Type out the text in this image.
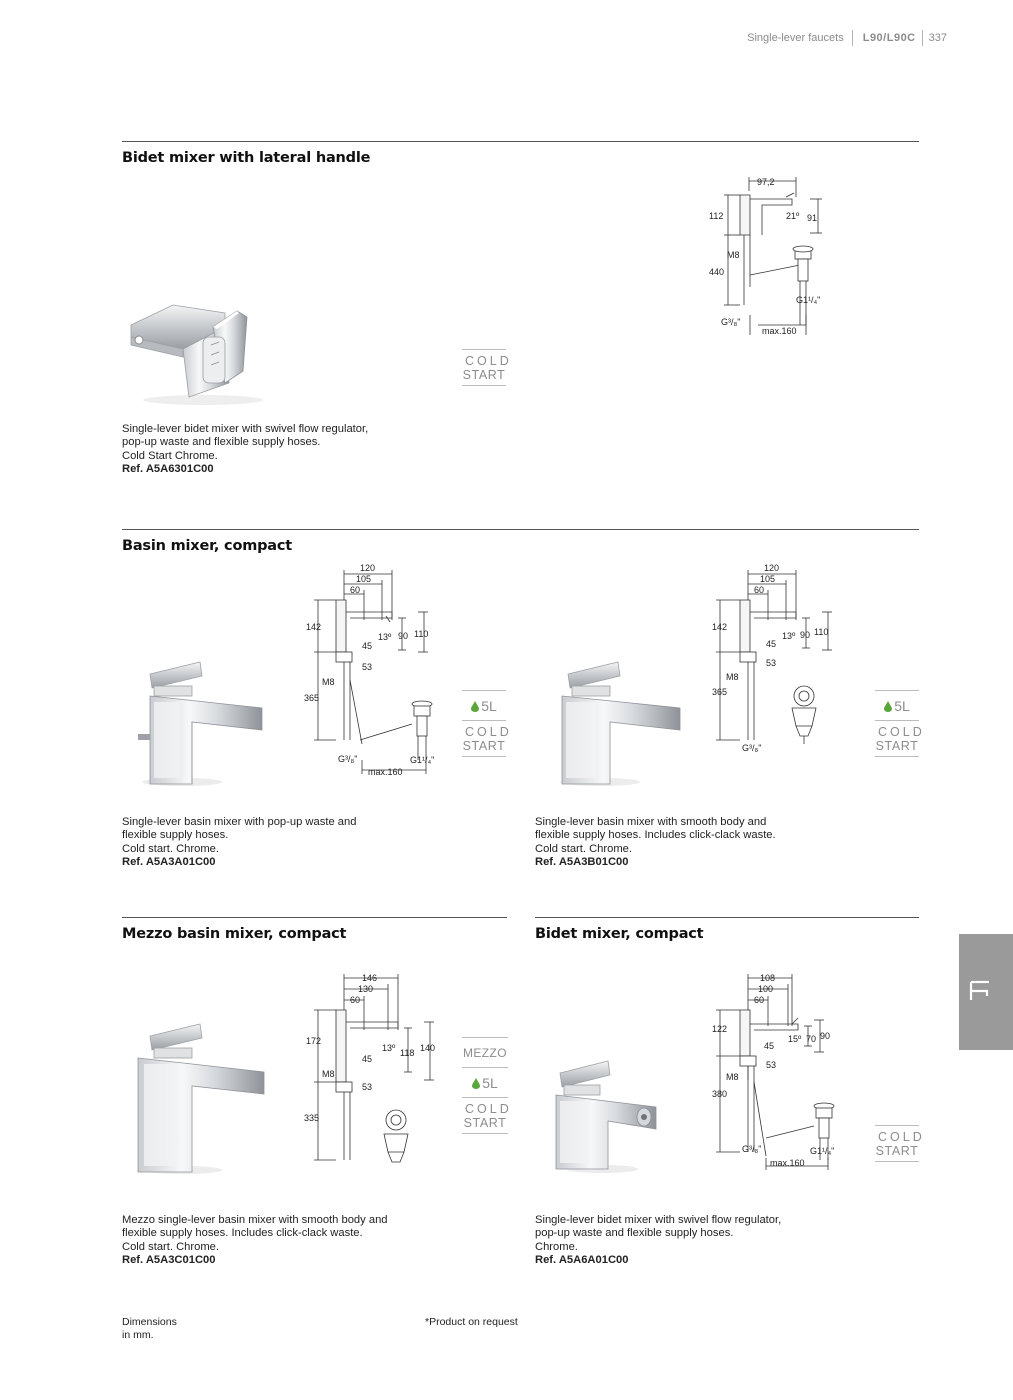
Single-lever faucets	L90/L90C	337
Bidet mixer with lateral handle
97,2
112	21º 91
M8
440
G1¹/₄"
G³/₈"
max.160
COLD
START
Single-lever bidet mixer with swivel flow regulator,
pop-up waste and flexible supply hoses.
Cold Start Chrome.
Ref. A5A6301C00
Basin mixer, compact
120
105
60
142
13º 90 110
45
M8
53
365
G³/₈"	G1¹/₄"
max.160
5L
COLD
START
Single-lever basin mixer with pop-up waste and
flexible supply hoses.
Cold start. Chrome.
Ref. A5A3A01C00
120
105
60
142
13º 90 110
45
53
M8
365
G³/₈"
5L
COLD
START
Single-lever basin mixer with smooth body and
flexible supply hoses. Includes click-clack waste.
Cold start. Chrome.
Ref. A5A3B01C00
Mezzo basin mixer, compact
146
130
60
172
13º 118 140
45
M8
53
335
MEZZO
5L
COLD
START
Mezzo single-lever basin mixer with smooth body and
flexible supply hoses. Includes click-clack waste.
Cold start. Chrome.
Ref. A5A3C01C00
Bidet mixer, compact
108
100
60
122
15º 70 90
45
53
M8
380
G³/₈"	G1¹/₄"
max.160
COLD
START
Single-lever bidet mixer with swivel flow regulator,
pop-up waste and flexible supply hoses.
Chrome.
Ref. A5A6A01C00
Dimensions
in mm.
*Product on request
